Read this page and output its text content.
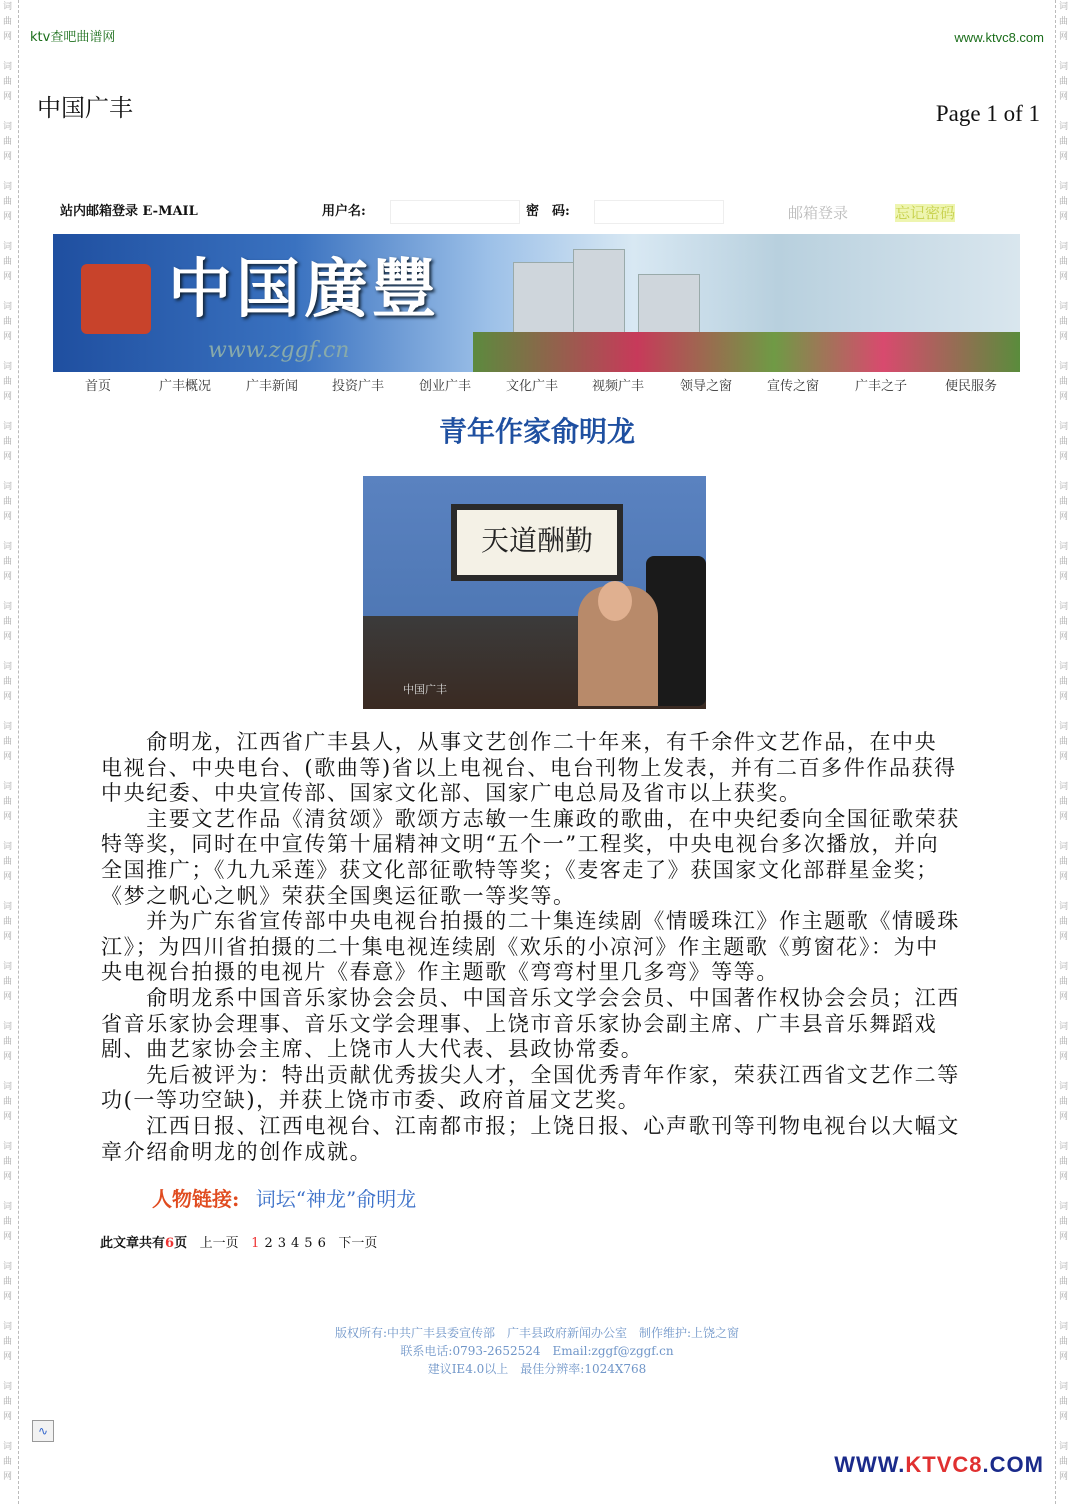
词曲网
词曲网
词曲网
词曲网
词曲网
词曲网
词曲网
词曲网
词曲网
词曲网
词曲网
词曲网
词曲网
词曲网
词曲网
词曲网
词曲网
词曲网
词曲网
词曲网
词曲网
词曲网
词曲网
词曲网
词曲网
词曲网
词曲网
词曲网
词曲网
词曲网
词曲网
词曲网
词曲网
词曲网
词曲网
词曲网
词曲网
词曲网
词曲网
词曲网
词曲网
词曲网
词曲网
词曲网
词曲网
词曲网
词曲网
词曲网
词曲网
词曲网
ktv查吧曲谱网	www.ktvc8.com
中国广丰	Page 1 of 1
站内邮箱登录 E-MAIL	用户名:	密　码:	邮箱登录	忘记密码
中国廣豐
www.zggf.cn
首页	广丰概况	广丰新闻	投资广丰	创业广丰	文化广丰	视频广丰	领导之窗	宣传之窗	广丰之子	便民服务
青年作家俞明龙
天道酬勤
中国广丰
　　俞明龙，江西省广丰县人，从事文艺创作二十年来，有千余件文艺作品，在中央
电视台、中央电台、(歌曲等)省以上电视台、电台刊物上发表，并有二百多件作品获得
中央纪委、中央宣传部、国家文化部、国家广电总局及省市以上获奖。
　　主要文艺作品《清贫颂》歌颂方志敏一生廉政的歌曲，在中央纪委向全国征歌荣获
特等奖，同时在中宣传第十届精神文明“五个一”工程奖，中央电视台多次播放，并向
全国推广；《九九采莲》获文化部征歌特等奖；《麦客走了》获国家文化部群星金奖；
《梦之帆心之帆》荣获全国奥运征歌一等奖等。
　　并为广东省宣传部中央电视台拍摄的二十集连续剧《情暖珠江》作主题歌《情暖珠
江》；为四川省拍摄的二十集电视连续剧《欢乐的小凉河》作主题歌《剪窗花》：为中
央电视台拍摄的电视片《春意》作主题歌《弯弯村里几多弯》等等。
　　俞明龙系中国音乐家协会会员、中国音乐文学会会员、中国著作权协会会员；江西
省音乐家协会理事、音乐文学会理事、上饶市音乐家协会副主席、广丰县音乐舞蹈戏
剧、曲艺家协会主席、上饶市人大代表、县政协常委。
　　先后被评为：特出贡献优秀拔尖人才，全国优秀青年作家，荣获江西省文艺作二等
功(一等功空缺)，并获上饶市市委、政府首届文艺奖。
　　江西日报、江西电视台、江南都市报；上饶日报、心声歌刊等刊物电视台以大幅文
章介绍俞明龙的创作成就。
人物链接: 词坛“神龙”俞明龙
此文章共有6页 上一页 1 2 3 4 5 6 下一页
版权所有:中共广丰县委宣传部　广丰县政府新闻办公室　制作维护:上饶之窗
联系电话:0793-2652524　Email:zggf@zggf.cn
建议IE4.0以上　最佳分辨率:1024X768
∿
WWW.KTVC8.COM
